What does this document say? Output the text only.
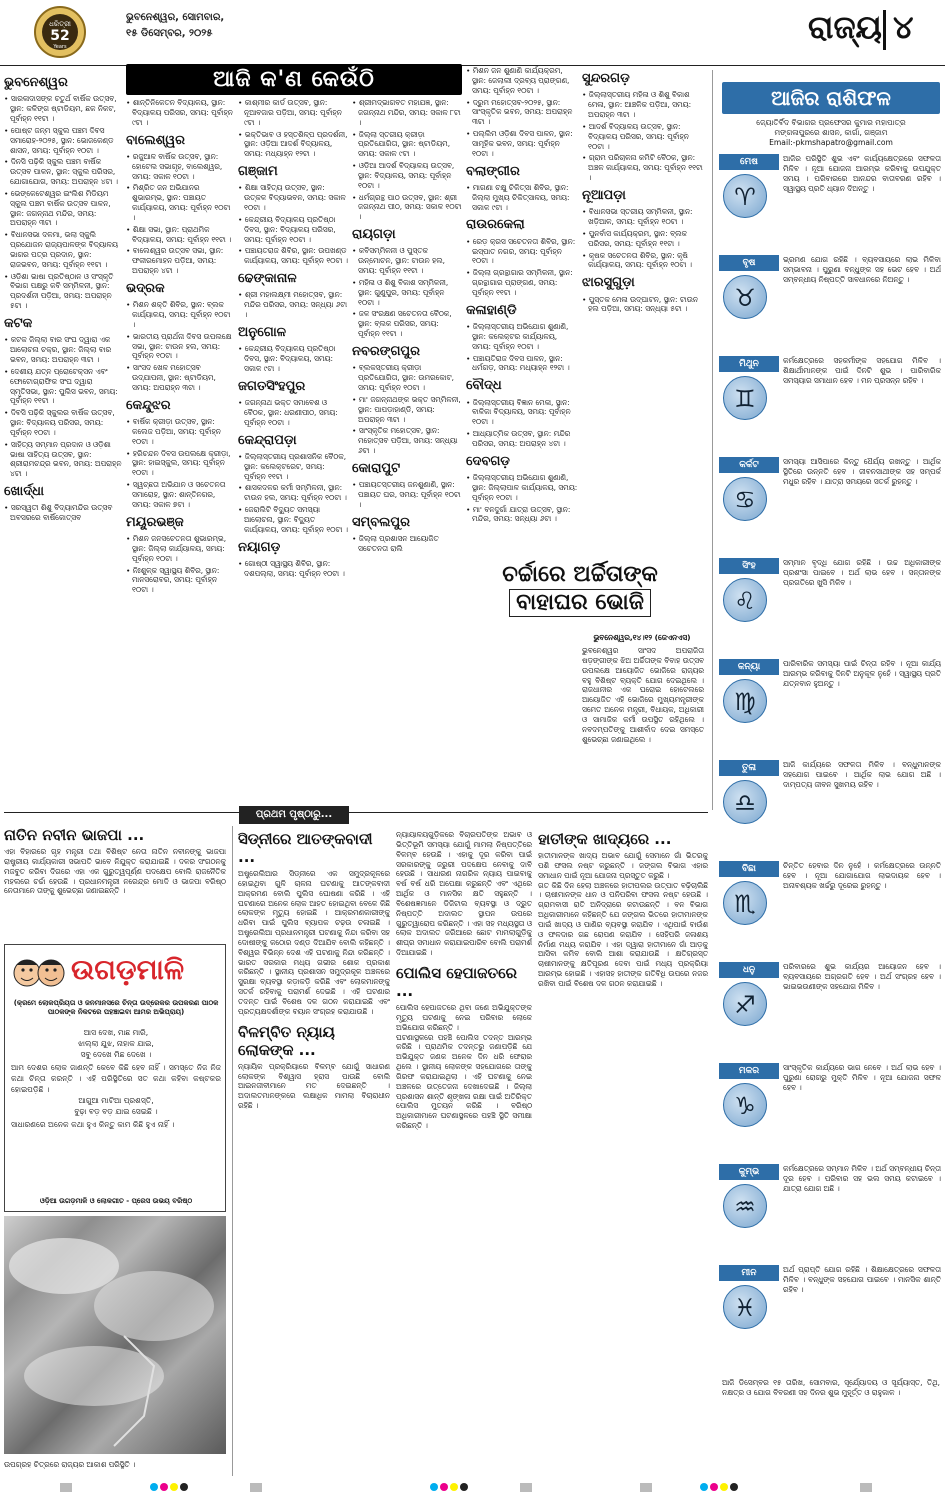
ଧରିତ୍ରୀ
52
Years
ଭୁବନେଶ୍ୱର, ସୋମବାର,
୧୫ ଡିସେମ୍ବର, ୨୦୨୫	ରାଜ୍ୟ ୪
ଆଜି କ'ଣ କେଉଁଠି
ଭୁବନେଶ୍ୱର
• ସାରଳାଦାସଙ୍କ ଚତୁର୍ଥ ବାର୍ଷିକ ଉତ୍ସବ, ସ୍ଥାନ: କଳିଙ୍ଗ ଷ୍ଟାଡିୟମ, ଛକ ନିକଟ, ପୂର୍ବାହ୍ନ ୧୧ଟା ।
• ପୋଷ୍ଟ ଜନ୍ମ ସ୍କୁଲ ପଞ୍ଚମ ଦିବସ ସମାରୋହ-୨୦୨୫, ସ୍ଥାନ: ଭୋଜକେଣ୍ଡ ଶାସନ, ସମୟ: ପୂର୍ବାହ୍ନ ୧୦ଟା ।
• ଦିନସି ପଢ଼ିକି ସ୍କୁଲ ପଞ୍ଚମ ବାର୍ଷିକ ଉତ୍ସବ ପାଳନ, ସ୍ଥାନ: ସ୍କୁଲ ପରିସର, ଯୋଗାଯୋଗ, ସମୟ: ଅପରାହ୍ନ ୪ଟା ।
• ଭେଙ୍କେଟେଶ୍ୱର ଇଂଲିଶ ମିଡିୟମ ସ୍କୁଲ ପଞ୍ଚମ ବାର୍ଷିକ ଉତ୍ସବ ପାଳନ, ସ୍ଥାନ: ଜଗନ୍ନାଥ ମନ୍ଦିର, ସମୟ: ଅପରାହ୍ନ ୩ଟା ।
• ବିଧାନସଭା ଦଳମା, ଭଲା ସ୍କୁଲି ପ୍ରଯୋଜନ ରାଜ୍ୟପାଳଙ୍କ ବିଦ୍ୟାଳୟ ଭାଗର ପତ୍ର ପ୍ରଦାନ, ସ୍ଥାନ: ରାଜଭବନ, ସମୟ: ପୂର୍ବାହ୍ନ ୧୧ଟା ।
• ଓଡ଼ିଶା ଭାଷା ପ୍ରତିଷ୍ଠାନ ଓ ସଂସ୍କୃତି ବିଭାଗ ପକ୍ଷରୁ କବି ସମ୍ମିଳନୀ, ସ୍ଥାନ: ପ୍ରଦର୍ଶନୀ ପଡ଼ିଆ, ସମୟ: ଅପରାହ୍ନ ୫ଟା ।
କଟକ
• କଟକ ଜିଲ୍ଲା ବାର ସଂଘ ଦ୍ୱାରା ଏକ ଆଲୋଚନା ଚକ୍ର, ସ୍ଥାନ: ଜିଲ୍ଲା ବାର ଭବନ, ସମୟ: ଅପରାହ୍ନ ୩ଟା ।
• ଦେଶୀୟ ଯତ୍ନ ପ୍ରୋଟେକ୍ସନ ଏବଂ ଫୋଟୋଗ୍ରାଫିକ ସଂଘ ଦ୍ୱାରା ସ୍ମୃତିସଭା, ସ୍ଥାନ: ପୁଲିସ ଭବନ, ସମୟ: ପୂର୍ବାହ୍ନ ୧୧ଟା ।
• ଦିବସି ପଢ଼ିକି ସ୍କୁଲର ବାର୍ଷିକ ଉତ୍ସବ, ସ୍ଥାନ: ବିଦ୍ୟାଳୟ ପରିସର, ସମୟ: ପୂର୍ବାହ୍ନ ୧୦ଟା ।
• ସାହିତ୍ୟ ସମ୍ମାନ ପ୍ରଦାନ ଓ ଓଡ଼ିଶା ଭାଷା ସାହିତ୍ୟ ଉତ୍ସବ, ସ୍ଥାନ: ଶ୍ରୀରାମଚନ୍ଦ୍ର ଭବନ, ସମୟ: ଅପରାହ୍ନ ୪ଟା ।
ଖୋର୍ଦ୍ଧା
• ସରସ୍ୱତୀ ଶିଶୁ ବିଦ୍ୟାମନ୍ଦିର ଉତ୍ସବ ଅବସରରେ ବାର୍ଷିକୋତ୍ସବ
• ଶାନ୍ତିନିକେତନ ବିଦ୍ୟାଳୟ, ସ୍ଥାନ: ବିଦ୍ୟାଳୟ ପରିସର, ସମୟ: ପୂର୍ବାହ୍ନ ୯ଟା ।
ବାଲେଶ୍ୱର
• ରଜୁଆଳ ବାର୍ଷିକ ଉତ୍ସବ, ସ୍ଥାନ: ହୋଟେଲ ସଭାଗୃହ, ବାଲେଶ୍ୱର, ସମୟ: ସକାଳ ୧୦ଟା ।
• ମିଶ୍ରିତ ଜନ ଅଭିଯାନର ଶୁଭାରମ୍ଭ, ସ୍ଥାନ: ପଞ୍ଚାୟତ କାର୍ଯ୍ୟାଳୟ, ସମୟ: ପୂର୍ବାହ୍ନ ୧୦ଟା ।
• ଶିକ୍ଷା ସଭା, ସ୍ଥାନ: ପ୍ରାଥମିକ ବିଦ୍ୟାଳୟ, ସମୟ: ପୂର୍ବାହ୍ନ ୧୧ଟା ।
• ବାଲେଶ୍ୱର ଉତ୍ସବ ସଭା, ସ୍ଥାନ: ଫକୀରମୋହନ ପଡ଼ିଆ, ସମୟ: ଅପରାହ୍ନ ୪ଟା ।
ଭଦ୍ରକ
• ମିଶନ ଶକ୍ତି ଶିବିର, ସ୍ଥାନ: ବ୍ଲକ କାର୍ଯ୍ୟାଳୟ, ସମୟ: ପୂର୍ବାହ୍ନ ୧୦ଟା ।
• ଭାରତୀୟ ପ୍ରାର୍ଥନା ଦିବସ ଉପଲକ୍ଷେ ସଭା, ସ୍ଥାନ: ଟାଉନ ହଲ, ସମୟ: ପୂର୍ବାହ୍ନ ୧୦ଟା ।
• ସାଂସଦ ଖେଳ ମହୋତ୍ସବ ଉଦ୍‌ଯାପନୀ, ସ୍ଥାନ: ଷ୍ଟାଡିୟମ, ସମୟ: ଅପରାହ୍ନ ୩ଟା ।
କେନ୍ଦୁଝର
• ବାର୍ଷିକ କ୍ରୀଡ଼ା ଉତ୍ସବ, ସ୍ଥାନ: କଲେଜ ପଡ଼ିଆ, ସମୟ: ପୂର୍ବାହ୍ନ ୧୦ଟା ।
• ହରିଚନ୍ଦନ ଦିବସ ଉପଲକ୍ଷେ କ୍ରୀଡ଼ା, ସ୍ଥାନ: ହାଇସ୍କୁଲ, ସମୟ: ପୂର୍ବାହ୍ନ ୧୦ଟା ।
• ସ୍ୱଚ୍ଛତା ଅଭିଯାନ ଓ ସଚେତନତା ସମାରୋହ, ସ୍ଥାନ: ଶାନ୍ତିନଗର, ସମୟ: ସକାଳ ୭ଟା ।
ମୟୂରଭଞ୍ଜ
• ମିଶନ ଜନସଚେତନତା ଶୁଭାରମ୍ଭ, ସ୍ଥାନ: ଜିଲ୍ଲା କାର୍ଯ୍ୟାଳୟ, ସମୟ: ପୂର୍ବାହ୍ନ ୧୦ଟା ।
• ନିଃଶୁଳ୍କ ସ୍ୱାସ୍ଥ୍ୟ ଶିବିର, ସ୍ଥାନ: ମାନସରୋବର, ସମୟ: ପୂର୍ବାହ୍ନ ୧୦ଟା ।
• କାଶ୍ମୀର କାର୍ଡ ଉତ୍ସବ, ସ୍ଥାନ: ନୂଆବଜାର ପଡ଼ିଆ, ସମୟ: ପୂର୍ବାହ୍ନ ୯ଟା ।
• ଭକ୍ତିଭାବ ଓ ହସ୍ତଶିଳ୍ପ ପ୍ରଦର୍ଶନୀ, ସ୍ଥାନ: ଓଡ଼ିଆ ଆଦର୍ଶ ବିଦ୍ୟାଳୟ, ସମୟ: ମଧ୍ୟାହ୍ନ ୧୨ଟା ।
ଗଞ୍ଜାମ
• ଶିକ୍ଷା ସାହିତ୍ୟ ଉତ୍ସବ, ସ୍ଥାନ: ଉତ୍କଳ ବିଦ୍ୟାଭବନ, ସମୟ: ସକାଳ ୧୦ଟା ।
• କେନ୍ଦ୍ରୀୟ ବିଦ୍ୟାଳୟ ପ୍ରତିଷ୍ଠା ଦିବସ, ସ୍ଥାନ: ବିଦ୍ୟାଳୟ ପରିସର, ସମୟ: ପୂର୍ବାହ୍ନ ୧୦ଟା ।
• ପଞ୍ଚାୟତରାଜ ଶିବିର, ସ୍ଥାନ: ଉପଖଣ୍ଡ କାର୍ଯ୍ୟାଳୟ, ସମୟ: ପୂର୍ବାହ୍ନ ୧୦ଟା ।
ଢେଙ୍କାନାଳ
• ଶ୍ରୀ ମହାଲକ୍ଷ୍ମୀ ମହୋତ୍ସବ, ସ୍ଥାନ: ମନ୍ଦିର ପରିସର, ସମୟ: ସନ୍ଧ୍ୟା ୬ଟା ।
ଅନୁଗୋଳ
• କେନ୍ଦ୍ରୀୟ ବିଦ୍ୟାଳୟ ପ୍ରତିଷ୍ଠା ଦିବସ, ସ୍ଥାନ: ବିଦ୍ୟାଳୟ, ସମୟ: ସକାଳ ୯ଟା ।
ଜଗତସିଂହପୁର
• ଜଗନ୍ନାଥ ଭକ୍ତ ସମାବେଶ ଓ ବୈଠକ, ସ୍ଥାନ: ଧରଣୀପୀଠ, ସମୟ: ପୂର୍ବାହ୍ନ ୧୦ଟା ।
କେନ୍ଦ୍ରାପଡ଼ା
• ଜିଲ୍ଲାସ୍ତରୀୟ ପ୍ରଶାସନିକ ବୈଠକ, ସ୍ଥାନ: କଲେକ୍ଟରେଟ, ସମୟ: ପୂର୍ବାହ୍ନ ୧୧ଟା ।
• ଶାସକଦଳର କର୍ମୀ ସମ୍ମିଳନୀ, ସ୍ଥାନ: ଟାଉନ ହଲ, ସମୟ: ପୂର୍ବାହ୍ନ ୧୦ଟା ।
• ଜେରାଲିଟି ବିଦ୍ୟୁତ ସମସ୍ୟା ଆଲୋଚନା, ସ୍ଥାନ: ବିଦ୍ୟୁତ କାର୍ଯ୍ୟାଳୟ, ସମୟ: ପୂର୍ବାହ୍ନ ୧୦ଟା ।
ନୟାଗଡ଼
• ଗୋଷ୍ଠୀ ସ୍ୱାସ୍ଥ୍ୟ ଶିବିର, ସ୍ଥାନ: ଦଶପଲ୍ଲା, ସମୟ: ପୂର୍ବାହ୍ନ ୧୦ଟା ।
• ଶ୍ରୀମଦ୍ଭାଗବତ ମହାଯଜ୍ଞ, ସ୍ଥାନ: ଜଗନ୍ନାଥ ମନ୍ଦିର, ସମୟ: ସକାଳ ୮ଟା ।
• ଜିଲ୍ଲା ସ୍ତରୀୟ କ୍ରୀଡ଼ା ପ୍ରତିଯୋଗିତା, ସ୍ଥାନ: ଷ୍ଟାଡିୟମ, ସମୟ: ସକାଳ ୯ଟା ।
• ଓଡ଼ିଆ ଆଦର୍ଶ ବିଦ୍ୟାଳୟ ଉତ୍ସବ, ସ୍ଥାନ: ବିଦ୍ୟାଳୟ, ସମୟ: ପୂର୍ବାହ୍ନ ୧୦ଟା ।
• ଧର୍ମଗ୍ରନ୍ଥ ପାଠ ଉତ୍ସବ, ସ୍ଥାନ: ଶ୍ରୀ ଜଗନ୍ନାଥ ପୀଠ, ସମୟ: ସକାଳ ୧୦ଟା ।
ରାୟଗଡ଼ା
• କବିସମ୍ମିଳନୀ ଓ ପୁସ୍ତକ ଉନ୍ମୋଚନ, ସ୍ଥାନ: ଟାଉନ ହଲ, ସମୟ: ପୂର୍ବାହ୍ନ ୧୧ଟା ।
• ମହିଳା ଓ ଶିଶୁ ବିକାଶ ସମ୍ମିଳନୀ, ସ୍ଥାନ: ଗୁଣୁପୁର, ସମୟ: ପୂର୍ବାହ୍ନ ୧୦ଟା ।
• ଜଳ ସଂରକ୍ଷଣ ସଚେତନତା ବୈଠକ, ସ୍ଥାନ: ବ୍ଲକ ପରିସର, ସମୟ: ପୂର୍ବାହ୍ନ ୧୧ଟା ।
ନବରଙ୍ଗପୁର
• ବ୍ଲକସ୍ତରୀୟ କ୍ରୀଡ଼ା ପ୍ରତିଯୋଗିତା, ସ୍ଥାନ: ଉମରକୋଟ, ସମୟ: ପୂର୍ବାହ୍ନ ୧୦ଟା ।
• ମା' ଜଗନ୍ନାଥଙ୍କ ଭକ୍ତ ସମ୍ମିଳନୀ, ସ୍ଥାନ: ପାପଡ଼ାହାଣ୍ଡି, ସମୟ: ଅପରାହ୍ନ ୩ଟା ।
• ସାଂସ୍କୃତିକ ମହୋତ୍ସବ, ସ୍ଥାନ: ମହୋତ୍ସବ ପଡ଼ିଆ, ସମୟ: ସନ୍ଧ୍ୟା ୬ଟା ।
କୋରାପୁଟ
• ପଞ୍ଚାୟତସ୍ତରୀୟ ଜନଶୁଣାଣି, ସ୍ଥାନ: ପଞ୍ଚାୟତ ଘର, ସମୟ: ପୂର୍ବାହ୍ନ ୧୦ଟା ।
ସମ୍ବଲପୁର
• ଜିଲ୍ଲା ପ୍ରଶାସନ ଆୟୋଜିତ ସଚେତନତା ରାଲି
• ମିଶନ ଜନ ଶୁଣାଣି କାର୍ଯ୍ୟକ୍ରମ, ସ୍ଥାନ: ଜେଲାଲୀ ଦ୍ରବ୍ୟ ପ୍ରାଙ୍ଗଣ, ସମୟ: ପୂର୍ବାହ୍ନ ୧୦ଟା ।
• ଦ୍ରୁମ ମହୋତ୍ସବ-୨୦୨୫, ସ୍ଥାନ: ସାଂସ୍କୃତିକ ଭବନ, ସମୟ: ଅପରାହ୍ନ ୩ଟା ।
• ପଲ୍ଲିମ ଓଡ଼ିଶା ଦିବସ ପାଳନ, ସ୍ଥାନ: ସାମୂହିକ ଭବନ, ସମୟ: ପୂର୍ବାହ୍ନ ୧୦ଟା ।
ବଲାଙ୍ଗୀର
• ମାଗଣା ଚକ୍ଷୁ ଚିକିତ୍ସା ଶିବିର, ସ୍ଥାନ: ଜିଲ୍ଲା ମୁଖ୍ୟ ଚିକିତ୍ସାଳୟ, ସମୟ: ସକାଳ ୯ଟା ।
ରାଉରକେଲା
• ରେଡ଼ କ୍ରସ ସଚେତନତା ଶିବିର, ସ୍ଥାନ: ଇସ୍ପାତ ନଗର, ସମୟ: ପୂର୍ବାହ୍ନ ୧୦ଟା ।
• ଜିଲ୍ଲା ଗ୍ରନ୍ଥାଗାର ସମ୍ମିଳନୀ, ସ୍ଥାନ: ଗ୍ରନ୍ଥାଗାର ପ୍ରାଙ୍ଗଣ, ସମୟ: ପୂର୍ବାହ୍ନ ୧୧ଟା ।
କଳାହାଣ୍ଡି
• ଜିଲ୍ଲାସ୍ତରୀୟ ଅଭିଯୋଗ ଶୁଣାଣି, ସ୍ଥାନ: କଲେକ୍ଟର କାର୍ଯ୍ୟାଳୟ, ସମୟ: ପୂର୍ବାହ୍ନ ୧୦ଟା ।
• ପଞ୍ଚାୟତିରାଜ ଦିବସ ପାଳନ, ସ୍ଥାନ: ଧର୍ମଗଡ଼, ସମୟ: ମଧ୍ୟାହ୍ନ ୧୨ଟା ।
ବୌଦ୍ଧ
• ଜିଲ୍ଲାସ୍ତରୀୟ ବିଜ୍ଞାନ ମେଳା, ସ୍ଥାନ: ବାଳିକା ବିଦ୍ୟାଳୟ, ସମୟ: ପୂର୍ବାହ୍ନ ୧୦ଟା ।
• ଆଧ୍ୟାତ୍ମିକ ଉତ୍ସବ, ସ୍ଥାନ: ମନ୍ଦିର ପରିସର, ସମୟ: ଅପରାହ୍ନ ୪ଟା ।
ଦେବଗଡ଼
• ଜିଲ୍ଲାସ୍ତରୀୟ ଅଭିଯୋଗ ଶୁଣାଣି, ସ୍ଥାନ: ଜିଲ୍ଲାପାଳ କାର୍ଯ୍ୟାଳୟ, ସମୟ: ପୂର୍ବାହ୍ନ ୧୦ଟା ।
• ମା' ବନଦୁର୍ଗା ଯାତ୍ରା ଉତ୍ସବ, ସ୍ଥାନ: ମନ୍ଦିର, ସମୟ: ସନ୍ଧ୍ୟା ୬ଟା ।
ସୁନ୍ଦରଗଡ଼
• ଜିଲ୍ଲାସ୍ତରୀୟ ମହିଳା ଓ ଶିଶୁ ବିକାଶ ମେଳା, ସ୍ଥାନ: ଆଞ୍ଚଳିକ ପଡ଼ିଆ, ସମୟ: ଅପରାହ୍ନ ୩ଟା ।
• ଆଦର୍ଶ ବିଦ୍ୟାଳୟ ଉତ୍ସବ, ସ୍ଥାନ: ବିଦ୍ୟାଳୟ ପରିସର, ସମୟ: ପୂର୍ବାହ୍ନ ୧୦ଟା ।
• ଗ୍ରାମ ପରିଚାଳନା କମିଟି ବୈଠକ, ସ୍ଥାନ: ଅଞ୍ଚଳ କାର୍ଯ୍ୟାଳୟ, ସମୟ: ପୂର୍ବାହ୍ନ ୧୧ଟା ।
ନୂଆପଡ଼ା
• ବିଧାନସଭା ସ୍ତରୀୟ ସମ୍ମିଳନୀ, ସ୍ଥାନ: ଖଡ଼ିଆଳ, ସମୟ: ପୂର୍ବାହ୍ନ ୧୦ଟା ।
• ପୁନର୍ବାସ କାର୍ଯ୍ୟକ୍ରମ, ସ୍ଥାନ: ବ୍ଲକ ପରିସର, ସମୟ: ପୂର୍ବାହ୍ନ ୧୧ଟା ।
• କୃଷକ ସଚେତନତା ଶିବିର, ସ୍ଥାନ: କୃଷି କାର୍ଯ୍ୟାଳୟ, ସମୟ: ପୂର୍ବାହ୍ନ ୧୦ଟା ।
ଝାରସୁଗୁଡ଼ା
• ପୁସ୍ତକ ମେଳା ଉଦ୍‌ଘାଟନ, ସ୍ଥାନ: ଟାଉନ ହଲ ପଡ଼ିଆ, ସମୟ: ସନ୍ଧ୍ୟା ୫ଟା ।
ଚର୍ଚ୍ଚାରେ ଅର୍ଚ୍ଚିତାଙ୍କ
ବାହାଘର ଭୋଜି
ଭୁବନେଶ୍ୱର,୧୪।୧୨ (ଜେଏନଏସ)
ଭୁବନେଶ୍ୱର ସାଂସଦ ଅପରାଜିତା ଷଡ଼଼ଙ୍ଗୀଙ୍କ ଝିଅ ଅର୍ଚ୍ଚିତାଙ୍କ ବିବାହ ଉତ୍ସବ ଉପଲକ୍ଷେ ଆୟୋଜିତ ଭୋଜିରେ ରାଜ୍ୟର ବହୁ ବିଶିଷ୍ଟ ବ୍ୟକ୍ତି ଯୋଗ ଦେଇଥିଲେ । ରାଜଧାନୀର ଏକ ଘରୋଇ ହୋଟେଲରେ ଆୟୋଜିତ ଏହି ଭୋଜିରେ ମୁଖ୍ୟମନ୍ତ୍ରୀଙ୍କ ସମେତ ଅନେକ ମନ୍ତ୍ରୀ, ବିଧାୟକ, ଅଧିକାରୀ ଓ ସାମାଜିକ କର୍ମୀ ଉପସ୍ଥିତ ରହିଥିଲେ । ନବଦମ୍ପତିଙ୍କୁ ଆଶୀର୍ବାଦ ଦେଇ ସମସ୍ତେ ଶୁଭେଚ୍ଛା ଜଣାଇଥିଲେ ।
ଆଜିର ରାଶିଫଳ
ଜ୍ୟୋତିର୍ବିଦ ବିଭାଗର ପ୍ରଫେସର କୁମାର ମହାପାତ୍ର
ମଙ୍ଗଳାପୁରରେ ଶାସନ, କାର୍ଗା, ଗଞ୍ଜାମ
Email:-pkmshapatro@gmail.com
ମେଷ
♈
ଆଜିର ପରିସ୍ଥିତି ଶୁଭ ଏବଂ କାର୍ଯ୍ୟକ୍ଷେତ୍ରରେ ସଫଳତା ମିଳିବ । ନୂଆ ଯୋଜନା ଆରମ୍ଭ କରିବାକୁ ଉପଯୁକ୍ତ ସମୟ । ପରିବାରରେ ଆନନ୍ଦର ବାତାବରଣ ରହିବ । ସ୍ୱାସ୍ଥ୍ୟ ପ୍ରତି ଧ୍ୟାନ ଦିଅନ୍ତୁ ।
ବୃଷ
♉
ଭ୍ରମଣ ଯୋଗ ରହିଛି । ବ୍ୟବସାୟରେ ଲାଭ ମିଳିବା ସମ୍ଭାବନା । ପୁରୁଣା ବନ୍ଧୁଙ୍କ ସହ ଭେଟ ହେବ । ଅର୍ଥ ସମ୍ବନ୍ଧୀୟ ନିଷ୍ପତ୍ତି ସାବଧାନରେ ନିଅନ୍ତୁ ।
ମିଥୁନ
♊
କର୍ମକ୍ଷେତ୍ରରେ ସହକର୍ମୀଙ୍କ ସହଯୋଗ ମିଳିବ । ଶିକ୍ଷାର୍ଥୀମାନଙ୍କ ପାଇଁ ଦିନଟି ଶୁଭ । ପାରିବାରିକ ସମସ୍ୟାର ସମାଧାନ ହେବ । ମନ ପ୍ରସନ୍ନ ରହିବ ।
କର୍କଟ
♋
ସମସ୍ୟା ଆସିପାରେ କିନ୍ତୁ ଧୈର୍ଯ୍ୟ ରଖନ୍ତୁ । ଆର୍ଥିକ ସ୍ଥିତିରେ ଉନ୍ନତି ହେବ । ଜୀବନସାଥୀଙ୍କ ସହ ସମ୍ପର୍କ ମଧୁର ରହିବ । ଯାତ୍ରା ସମୟରେ ସତର୍କ ରୁହନ୍ତୁ ।
ସିଂହ
♌
ସମ୍ମାନ ବୃଦ୍ଧି ଯୋଗ ରହିଛି । ଉଚ୍ଚ ଅଧିକାରୀଙ୍କ ପ୍ରଶଂସା ପାଇବେ । ଅର୍ଥ ଲାଭ ହେବ । ସନ୍ତାନଙ୍କ ପ୍ରଗତିରେ ଖୁସି ମିଳିବ ।
କନ୍ୟା
♍
ପାରିବାରିକ ସମସ୍ୟା ପାଇଁ ଚିନ୍ତା ରହିବ । ନୂଆ କାର୍ଯ୍ୟ ଆରମ୍ଭ କରିବାକୁ ଦିନଟି ଅନୁକୂଳ ନୁହେଁ । ସ୍ୱାସ୍ଥ୍ୟ ପ୍ରତି ଯତ୍ନବାନ ହୁଅନ୍ତୁ ।
ତୁଳା
♎
ଆଜି କାର୍ଯ୍ୟରେ ସଫଳତା ମିଳିବ । ବନ୍ଧୁମାନଙ୍କ ସହଯୋଗ ପାଇବେ । ଆର୍ଥିକ ଲାଭ ଯୋଗ ଅଛି । ଦାମ୍ପତ୍ୟ ଜୀବନ ସୁଖମୟ ରହିବ ।
ବିଛା
♏
ଚିନ୍ତିତ ହେବାର ଦିନ ନୁହେଁ । କର୍ମକ୍ଷେତ୍ରରେ ଉନ୍ନତି ହେବ । ନୂଆ ଯୋଗାଯୋଗ ଲାଭଦାୟକ ହେବ । ଅନାବଶ୍ୟକ ଖର୍ଚ୍ଚରୁ ଦୂରେଇ ରୁହନ୍ତୁ ।
ଧନୁ
♐
ପରିବାରରେ ଶୁଭ କାର୍ଯ୍ୟର ଆୟୋଜନ ହେବ । ବ୍ୟବସାୟରେ ଅଗ୍ରଗତି ହେବ । ଅର୍ଥ ସଂଗ୍ରହ ହେବ । ଭାଇଭଉଣୀଙ୍କ ସହଯୋଗ ମିଳିବ ।
ମକର
♑
ସାଂସ୍କୃତିକ କାର୍ଯ୍ୟରେ ଭାଗ ନେବେ । ଅର୍ଥ ଲାଭ ହେବ । ପୁରୁଣା ରୋଗରୁ ମୁକ୍ତି ମିଳିବ । ନୂଆ ଯୋଜନା ସଫଳ ହେବ ।
କୁମ୍ଭ
♒
କର୍ମକ୍ଷେତ୍ରରେ ସମ୍ମାନ ମିଳିବ । ଅର୍ଥ ସମ୍ବନ୍ଧୀୟ ଚିନ୍ତା ଦୂର ହେବ । ପରିବାର ସହ ଭଲ ସମୟ କଟାଇବେ । ଯାତ୍ରା ଯୋଗ ଅଛି ।
ମୀନ
♓
ଅର୍ଥ ପ୍ରାପ୍ତି ଯୋଗ ରହିଛି । ଶିକ୍ଷାକ୍ଷେତ୍ରରେ ସଫଳତା ମିଳିବ । ବନ୍ଧୁଙ୍କ ସହଯୋଗ ପାଇବେ । ମାନସିକ ଶାନ୍ତି ରହିବ ।
ଆଜି ଡିସେମ୍ବର ୧୫ ତାରିଖ, ସୋମବାର, ସୂର୍ଯ୍ୟୋଦୟ ଓ ସୂର୍ଯ୍ୟାସ୍ତ, ତିଥି, ନକ୍ଷତ୍ର ଓ ଯୋଗ ବିବରଣୀ ସହ ଦିନର ଶୁଭ ମୁହୂର୍ତ୍ତ ଓ ରାହୁକାଳ ।
ପ୍ରଥମ ପୃଷ୍ଠାରୁ...
ନାତିନ ନବୀନ ଭାଜପା ...
ଏହା ବିହାରରେ ଗୃହ ମନ୍ତ୍ରୀ ତଥା ବିଶିଷ୍ଟ ନେତା ନାତିନ ନବୀନଙ୍କୁ ଭାଜପା ରାଷ୍ଟ୍ରୀୟ କାର୍ଯ୍ୟକାରୀ ସଭାପତି ଭାବେ ନିଯୁକ୍ତ କରାଯାଇଛି । ଦଳର ସଂଗଠନକୁ ମଜବୁତ କରିବା ଦିଗରେ ଏହା ଏକ ଗୁରୁତ୍ୱପୂର୍ଣ୍ଣ ପଦକ୍ଷେପ ବୋଲି ରାଜନୈତିକ ମହଲରେ ଚର୍ଚ୍ଚା ହେଉଛି । ପ୍ରଧାନମନ୍ତ୍ରୀ ନରେନ୍ଦ୍ର ମୋଦି ଓ ଭାଜପା ବରିଷ୍ଠ ନେତାମାନେ ତାଙ୍କୁ ଶୁଭେଚ୍ଛା ଜଣାଇଛନ୍ତି ।
ଉଗଡ଼ମାଳି
(କ୍ରମେ ଲୋକପ୍ରିୟତା ଓ ଜନମାନସରେ ଚିନ୍ତା ଉଦ୍ରେକର ଉପକରଣ ପାଠକ ପାଠକଙ୍କ ନିକଟରେ ପହଞ୍ଚାଇବା ଆମର ଅଭିପ୍ରାୟ)
ଆସ ଦେଖ, ମାଛ ମାରି,
ଝାଲ୍ଲା ଯୁଝ, ନାହାକ ଯାଇ,
ସବୁ ଦେଖେ ମିଛ ଦେଖେ ।
ଆମ ଦେଶର ଲୋକ ଜାଣନ୍ତି କେବେ କିଛି ହେବ ନାହିଁ । ସମସ୍ତେ ନିଜ ନିଜ କଥା ଚିନ୍ତା କରନ୍ତି । ଏହି ପରିସ୍ଥିତିରେ ସତ କଥା କହିବା କଷ୍ଟକର ହୋଇପଡ଼ିଛି ।
ଆଗୁଆ ମାଟିଆ ପ୍ରଶସ୍ତି,
ବୁଢ଼ା ବଡ଼ ବଡ଼ ଯାଇ ସେଇଛି ।
ସାଧାରଣରେ ଅନେକ କଥା ହୁଏ କିନ୍ତୁ କାମ କିଛି ହୁଏ ନାହିଁ ।
ଓଡ଼ିଆ ଉଗଡ଼ମାଳି ଓ ଲୋକଗୀତ - ପ୍ରେସ ଉଭୟ ବରିଷ୍ଠ
ଉପଗ୍ରହ ଚିତ୍ରରେ ରାଜ୍ୟର ଆକାଶ ପରିସ୍ଥିତି ।
ସିଡ୍‌ନୀରେ ଆତଙ୍କବାଦୀ ...
ଅଷ୍ଟ୍ରେଲିଆର ସିଡ୍‌ନୀରେ ଏକ ସମୁଦ୍ରକୂଳରେ ହୋଇଥିବା ଗୁଳି ଚାଳନା ଘଟଣାକୁ ଆତଙ୍କବାଦୀ ଆକ୍ରମଣ ବୋଲି ପୁଲିସ ଘୋଷଣା କରିଛି । ଏହି ଘଟଣାରେ ଅନେକ ଲୋକ ଆହତ ହୋଇଥିବା ବେଳେ କିଛି ଲୋକଙ୍କ ମୃତ୍ୟୁ ହୋଇଛି । ଆକ୍ରମଣକାରୀଙ୍କୁ ଧରିବା ପାଇଁ ପୁଲିସ ବ୍ୟାପକ ଚଢ଼ଉ ଚଳାଇଛି । ଅଷ୍ଟ୍ରେଲିଆ ପ୍ରଧାନମନ୍ତ୍ରୀ ଘଟଣାକୁ ନିନ୍ଦା କରିବା ସହ ଦୋଷୀଙ୍କୁ କଠୋର ଦଣ୍ଡ ଦିଆଯିବ ବୋଲି କହିଛନ୍ତି । ବିଶ୍ୱର ବିଭିନ୍ନ ଦେଶ ଏହି ଘଟଣାକୁ ନିନ୍ଦା କରିଛନ୍ତି । ଭାରତ ସରକାର ମଧ୍ୟ ଗଭୀର ଶୋକ ପ୍ରକାଶ କରିଛନ୍ତି । ସ୍ଥାନୀୟ ପ୍ରଶାସନ ସମୁଦ୍ରକୂଳ ଅଞ୍ଚଳରେ ସୁରକ୍ଷା ବ୍ୟବସ୍ଥା କଡ଼ାକଡ଼ି କରିଛି ଏବଂ ଲୋକମାନଙ୍କୁ ସତର୍କ ରହିବାକୁ ପରାମର୍ଶ ଦେଇଛି । ଏହି ଘଟଣାର ତଦନ୍ତ ପାଇଁ ବିଶେଷ ଦଳ ଗଠନ କରାଯାଇଛି ଏବଂ ପ୍ରତ୍ୟକ୍ଷଦର୍ଶୀଙ୍କ ବୟାନ ସଂଗ୍ରହ କରାଯାଉଛି ।
ବିଳମ୍ବିତ ନ୍ୟାୟ ଲୋକଙ୍କ ...
ନ୍ୟାୟିକ ପ୍ରକ୍ରିୟାରେ ବିଳମ୍ବ ଯୋଗୁଁ ସାଧାରଣ ଲୋକଙ୍କ ବିଶ୍ୱାସ ହ୍ରାସ ପାଉଛି ବୋଲି ଆଇନଜୀବୀମାନେ ମତ ଦେଇଛନ୍ତି । ଅଦାଲତମାନଙ୍କରେ ଲକ୍ଷାଧିକ ମାମଲା ବିଚାରାଧୀନ ରହିଛି ।
ନ୍ୟାୟାଳୟଗୁଡ଼ିକରେ ବିଚାରପତିଙ୍କ ଅଭାବ ଓ ଭିତ୍ତିଭୂମି ସମସ୍ୟା ଯୋଗୁଁ ମାମଲା ନିଷ୍ପତ୍ତିରେ ବିଳମ୍ବ ହେଉଛି । ଏହାକୁ ଦୂର କରିବା ପାଇଁ ସରକାରଙ୍କୁ ଜରୁରୀ ପଦକ୍ଷେପ ନେବାକୁ ଦାବି ହେଉଛି । ସାଧାରଣ ନାଗରିକ ନ୍ୟାୟ ପାଇବାକୁ ବର୍ଷ ବର୍ଷ ଧରି ଅପେକ୍ଷା କରୁଛନ୍ତି ଏବଂ ଏଥିରେ ଆର୍ଥିକ ଓ ମାନସିକ କ୍ଷତି ସହୁଛନ୍ତି । ବିଶେଷଜ୍ଞମାନେ ଡିଜିଟାଲ ବ୍ୟବସ୍ଥା ଓ ଦ୍ରୁତ ନିଷ୍ପତ୍ତି ଅଦାଲତ ସ୍ଥାପନ ଉପରେ ଗୁରୁତ୍ୱାରୋପ କରିଛନ୍ତି । ଏହା ସହ ମଧ୍ୟସ୍ଥତା ଓ ଲୋକ ଅଦାଲତ ଜରିଆରେ ଛୋଟ ମାମଲାଗୁଡ଼ିକୁ ଶୀଘ୍ର ସମାଧାନ କରାଯାଇପାରିବ ବୋଲି ପରାମର୍ଶ ଦିଆଯାଇଛି ।
ପୋଲିସ ହେପାଜତରେ ...
ପୋଲିସ ହେପାଜତରେ ଥିବା ଜଣେ ଅଭିଯୁକ୍ତଙ୍କ ମୃତ୍ୟୁ ଘଟଣାକୁ ନେଇ ପରିବାର ଲୋକେ ଅଭିଯୋଗ କରିଛନ୍ତି ।
ଘଟଣାସ୍ଥଳରେ ପହଞ୍ଚି ପୋଲିସ ତଦନ୍ତ ଆରମ୍ଭ କରିଛି । ପ୍ରାଥମିକ ତଦନ୍ତରୁ ଜଣାପଡ଼ିଛି ଯେ ଅଭିଯୁକ୍ତ ଜଣକ ଅନେକ ଦିନ ଧରି ଫେରାର ଥିଲେ । ସ୍ଥାନୀୟ ଲୋକଙ୍କ ସହଯୋଗରେ ତାଙ୍କୁ ଗିରଫ କରାଯାଇଥିଲା । ଏହି ଘଟଣାକୁ ନେଇ ଅଞ୍ଚଳରେ ଉତ୍ତେଜନା ଦେଖାଦେଇଛି । ଜିଲ୍ଲା ପ୍ରଶାସନ ଶାନ୍ତି ଶୃଙ୍ଖଳା ରକ୍ଷା ପାଇଁ ଅତିରିକ୍ତ ପୋଲିସ ମୁତୟନ କରିଛି । ବରିଷ୍ଠ ଅଧିକାରୀମାନେ ଘଟଣାସ୍ଥଳରେ ପହଞ୍ଚି ସ୍ଥିତି ସମୀକ୍ଷା କରିଛନ୍ତି ।
ହାତୀଙ୍କ ଖାଦ୍ୟରେ ...
ହାତୀମାନଙ୍କ ଖାଦ୍ୟ ଅଭାବ ଯୋଗୁଁ ସେମାନେ ଗାଁ ଭିତରକୁ ପଶି ଫସଲ ନଷ୍ଟ କରୁଛନ୍ତି । ଜଙ୍ଗଲ ବିଭାଗ ଏହାର ସମାଧାନ ପାଇଁ ନୂଆ ଯୋଜନା ପ୍ରସ୍ତୁତ କରୁଛି ।
ଗତ କିଛି ଦିନ ହେଲା ଅଞ୍ଚଳରେ ହାତୀପଲର ଉତ୍ପାତ ବଢ଼ିଚାଲିଛି । ଚାଷୀମାନଙ୍କ ଧାନ ଓ ପନିପରିବା ଫସଲ ନଷ୍ଟ ହେଉଛି । ଗ୍ରାମବାସୀ ରାତି ଅନିଦ୍ରାରେ କଟାଉଛନ୍ତି । ବନ ବିଭାଗ ଅଧିକାରୀମାନେ କହିଛନ୍ତି ଯେ ଜଙ୍ଗଲ ଭିତରେ ହାତୀମାନଙ୍କ ପାଇଁ ଖାଦ୍ୟ ଓ ପାଣିର ବ୍ୟବସ୍ଥା କରାଯିବ । ଏଥିପାଇଁ ବାଉଁଶ ଓ ଫଳଦାର ଗଛ ରୋପଣ କରାଯିବ । ସେହିପରି ଜଳାଶୟ ନିର୍ମାଣ ମଧ୍ୟ କରାଯିବ । ଏହା ଦ୍ୱାରା ହାତୀମାନେ ଗାଁ ଆଡ଼କୁ ଆସିବା କମିବ ବୋଲି ଆଶା କରାଯାଉଛି । କ୍ଷତିଗ୍ରସ୍ତ ଚାଷୀମାନଙ୍କୁ କ୍ଷତିପୂରଣ ଦେବା ପାଇଁ ମଧ୍ୟ ପ୍ରକ୍ରିୟା ଆରମ୍ଭ ହୋଇଛି । ଏହାସହ ହାତୀଙ୍କ ଗତିବିଧି ଉପରେ ନଜର ରଖିବା ପାଇଁ ବିଶେଷ ଦଳ ଗଠନ କରାଯାଇଛି ।
